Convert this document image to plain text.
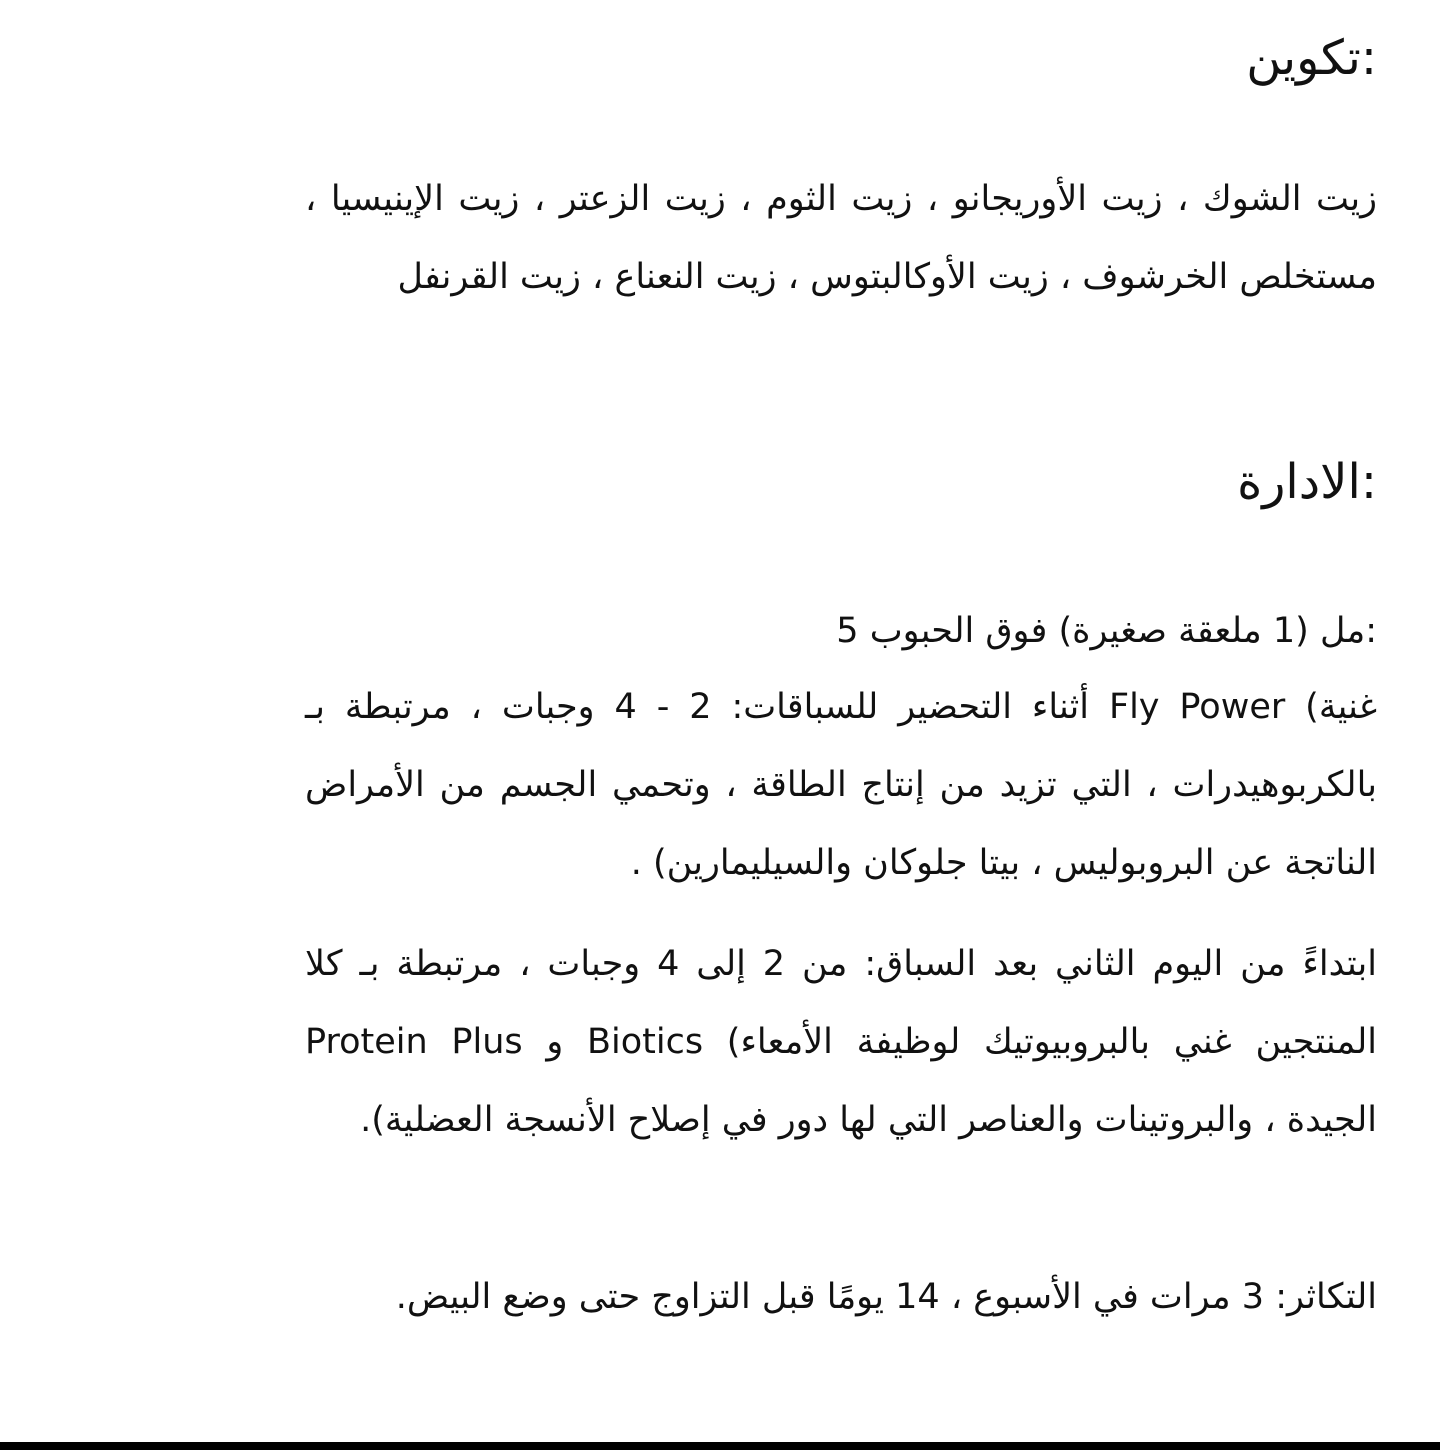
:تكوين
زيت الشوك ، زيت الأوريجانو ، زيت الثوم ، زيت الزعتر ، زيت الإينيسيا ، مستخلص الخرشوف ، زيت الأوكالبتوس ، زيت النعناع ، زيت القرنفل
:الادارة
:مل (1 ملعقة صغيرة) فوق الحبوب 5
غنية) Fly Power أثناء التحضير للسباقات: 2 - 4 وجبات ، مرتبطة بـ بالكربوهيدرات ، التي تزيد من إنتاج الطاقة ، وتحمي الجسم من الأمراض الناتجة عن البروبوليس ، بيتا جلوكان والسيليمارين) .
ابتداءً من اليوم الثاني بعد السباق: من 2 إلى 4 وجبات ، مرتبطة بـ كلا المنتجين غني بالبروبيوتيك لوظيفة الأمعاء) Biotics و Protein Plus الجيدة ، والبروتينات والعناصر التي لها دور في إصلاح الأنسجة العضلية).
التكاثر: 3 مرات في الأسبوع ، 14 يومًا قبل التزاوج حتى وضع البيض.
